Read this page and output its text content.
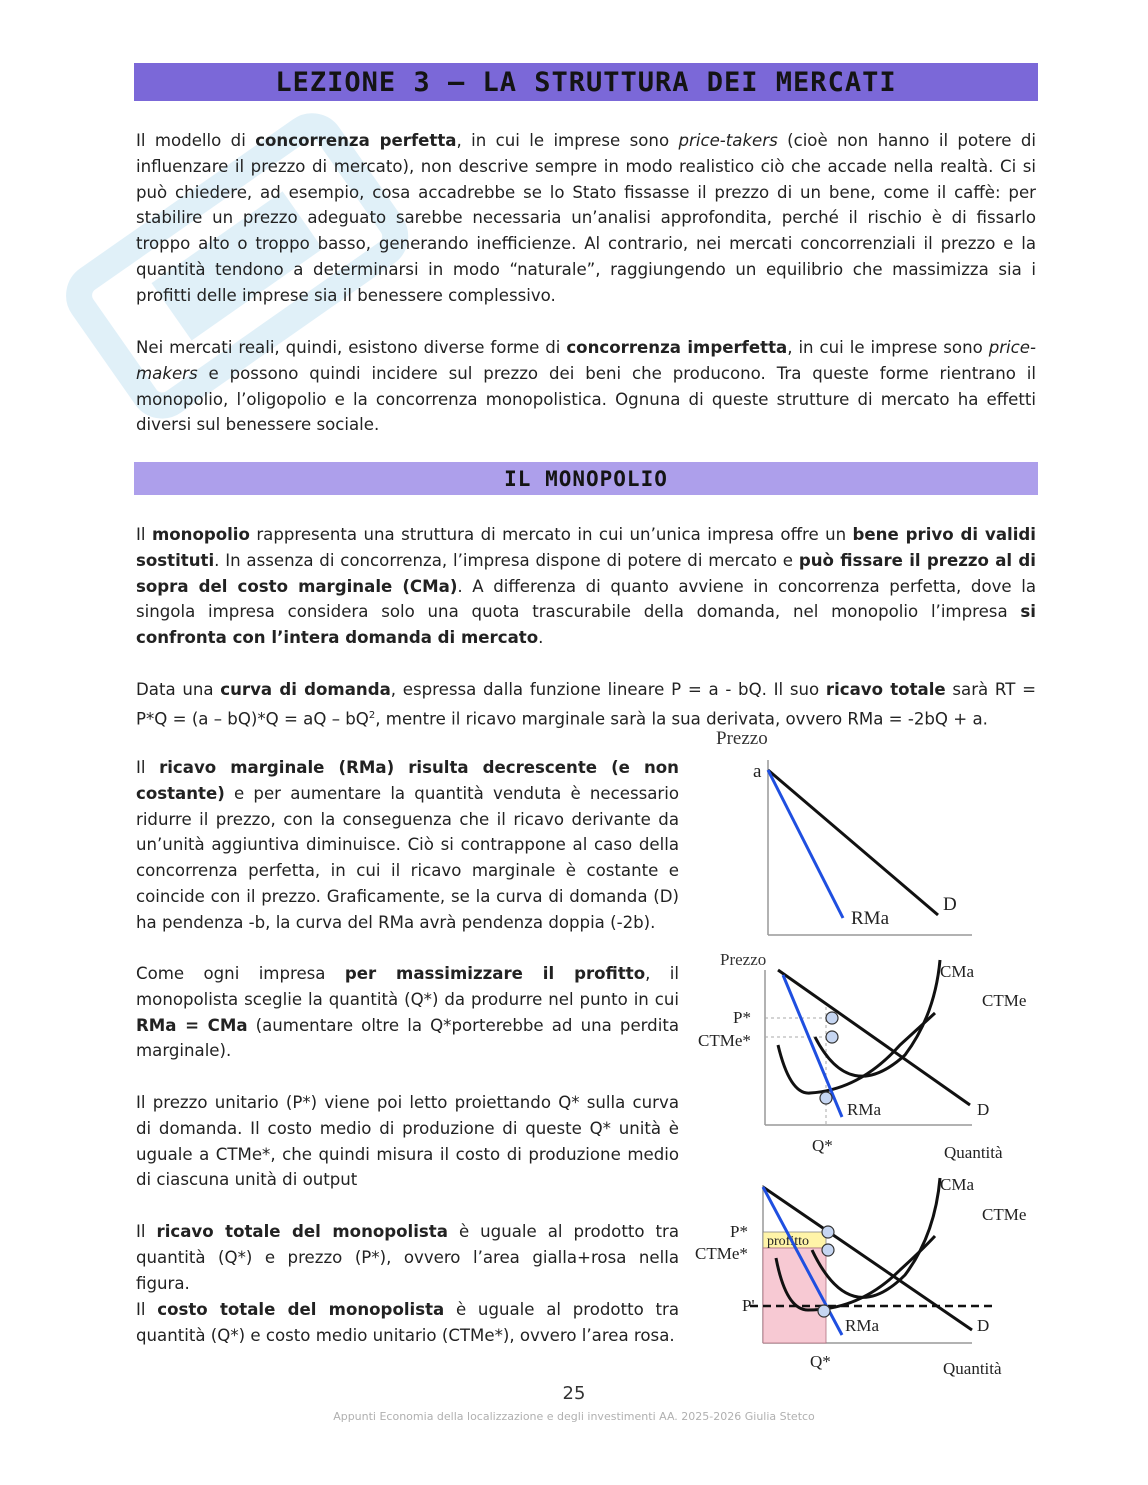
LEZIONE 3 – LA STRUTTURA DEI MERCATI

Il modello di concorrenza perfetta, in cui le imprese sono price-takers (cioè non hanno il potere di influenzare il prezzo di mercato), non descrive sempre in modo realistico ciò che accade nella realtà. Ci si può chiedere, ad esempio, cosa accadrebbe se lo Stato fissasse il prezzo di un bene, come il caffè: per stabilire un prezzo adeguato sarebbe necessaria un’analisi approfondita, perché il rischio è di fissarlo troppo alto o troppo basso, generando inefficienze. Al contrario, nei mercati concorrenziali il prezzo e la quantità tendono a determinarsi in modo “naturale”, raggiungendo un equilibrio che massimizza sia i profitti delle imprese sia il benessere complessivo.

Nei mercati reali, quindi, esistono diverse forme di concorrenza imperfetta, in cui le imprese sono price-makers e possono quindi incidere sul prezzo dei beni che producono. Tra queste forme rientrano il monopolio, l’oligopolio e la concorrenza monopolistica. Ognuna di queste strutture di mercato ha effetti diversi sul benessere sociale.

IL MONOPOLIO

Il monopolio rappresenta una struttura di mercato in cui un’unica impresa offre un bene privo di validi sostituti. In assenza di concorrenza, l’impresa dispone di potere di mercato e può fissare il prezzo al di sopra del costo marginale (CMa). A differenza di quanto avviene in concorrenza perfetta, dove la singola impresa considera solo una quota trascurabile della domanda, nel monopolio l’impresa si confronta con l’intera domanda di mercato.

Data una curva di domanda, espressa dalla funzione lineare P = a - bQ. Il suo ricavo totale sarà RT = P*Q = (a – bQ)*Q = aQ – $bQ^2$, mentre il ricavo marginale sarà la sua derivata, ovvero RMa = -2bQ + a.

Il ricavo marginale (RMa) risulta decrescente (e non costante) e per aumentare la quantità venduta è necessario ridurre il prezzo, con la conseguenza che il ricavo derivante da un’unità aggiuntiva diminuisce. Ciò si contrappone al caso della concorrenza perfetta, in cui il ricavo marginale è costante e coincide con il prezzo. Graficamente, se la curva di domanda (D) ha pendenza -b, la curva del RMa avrà pendenza doppia (-2b).

Come ogni impresa per massimizzare il profitto, il monopolista sceglie la quantità (Q*) da produrre nel punto in cui RMa = CMa (aumentare oltre la Q*porterebbe ad una perdita marginale).

Il prezzo unitario (P*) viene poi letto proiettando Q* sulla curva di domanda. Il costo medio di produzione di queste Q* unità è uguale a CTMe*, che quindi misura il costo di produzione medio di ciascuna unità di output

Il ricavo totale del monopolista è uguale al prodotto tra quantità (Q*) e prezzo (P*), ovvero l’area gialla+rosa nella figura.

Il costo totale del monopolista è uguale al prodotto tra quantità (Q*) e costo medio unitario (CTMe*), ovvero l’area rosa.

Prezzo
a
RMa
D
Prezzo
CMa
CTMe
P*
CTMe*
RMa	D
Q*	Quantità
profitto
CMa
CTMe
P*
CTMe*
P'
RMa	D
Q*	Quantità
25
Appunti Economia della localizzazione e degli investimenti AA. 2025-2026 Giulia Stetco
